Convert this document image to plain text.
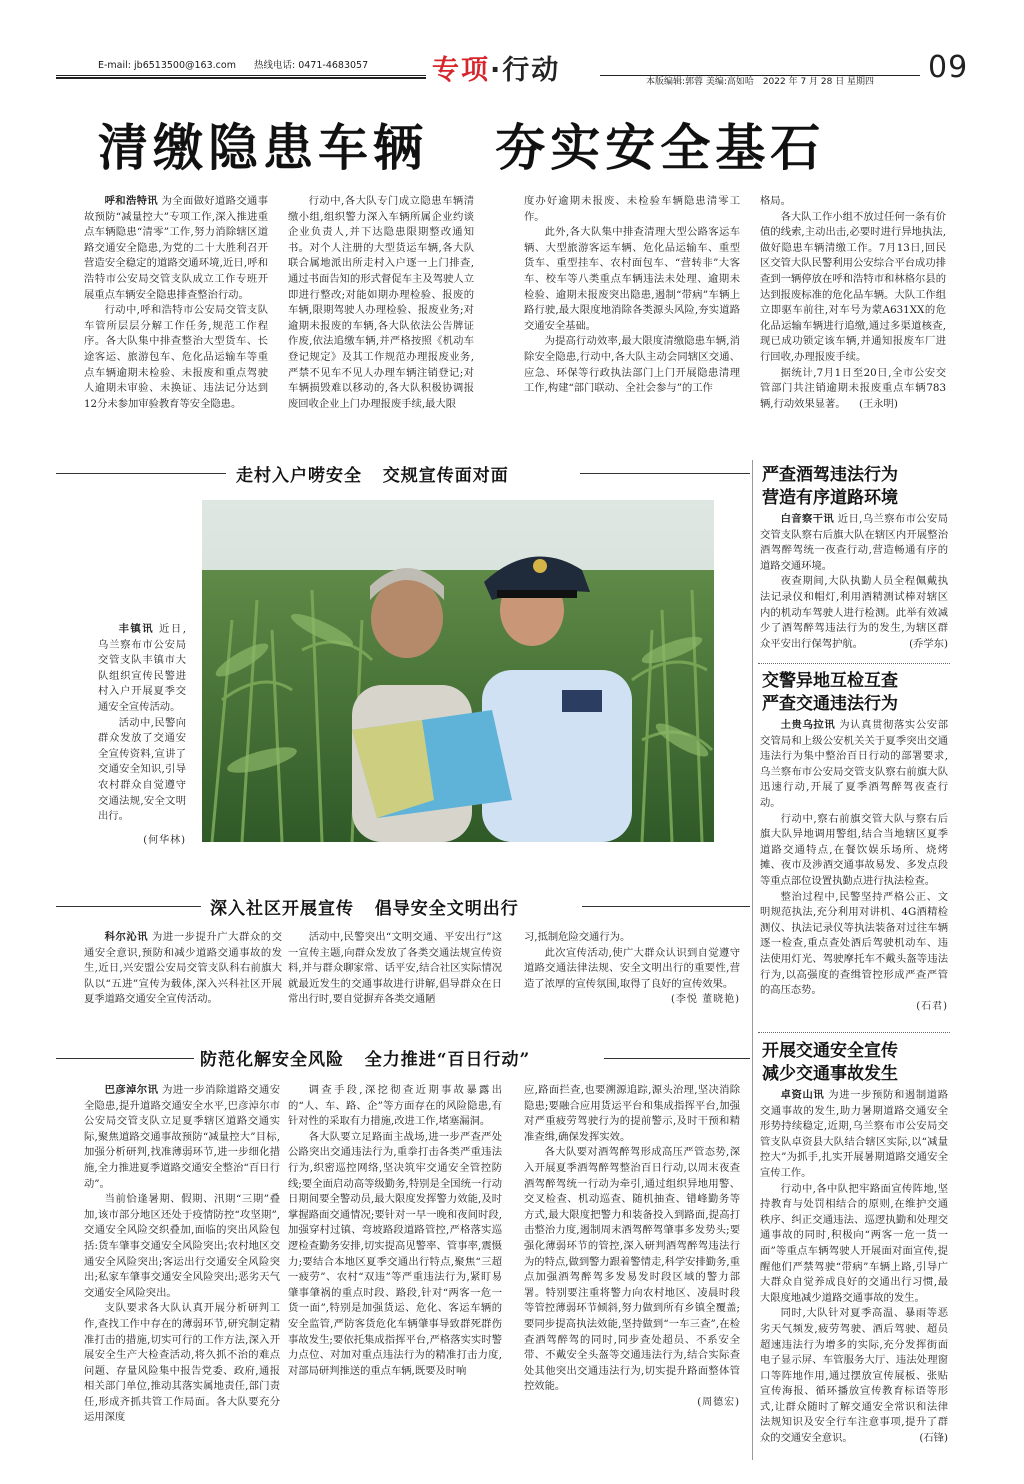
E-mail: jb6513500@163.com 热线电话: 0471-4683057 专项·行动	本版编辑:郭蓉 美编:高如哈 2022 年 7 月 28 日 星期四 09
清缴隐患车辆   夯实安全基石

呼和浩特讯 为全面做好道路交通事故预防“减量控大”专项工作,深入推进重点车辆隐患“清零”工作,努力消除辖区道路交通安全隐患,为党的二十大胜利召开营造安全稳定的道路交通环境,近日,呼和浩特市公安局交管支队成立工作专班开展重点车辆安全隐患排查整治行动。

行动中,呼和浩特市公安局交管支队车管所层层分解工作任务,规范工作程序。各大队集中排查整治大型货车、长途客运、旅游包车、危化品运输车等重点车辆逾期未检验、未报废和重点驾驶人逾期未审验、未换证、违法记分达到12分未参加审验教育等安全隐患。

行动中,各大队专门成立隐患车辆清缴小组,组织警力深入车辆所属企业约谈企业负责人,并下达隐患限期整改通知书。对个人注册的大型货运车辆,各大队联合属地派出所走村入户逐一上门排查,通过书面告知的形式督促车主及驾驶人立即进行整改;对能如期办理检验、报废的车辆,限期驾驶人办理检验、报废业务;对逾期未报废的车辆,各大队依法公告牌证作废,依法追缴车辆,并严格按照《机动车登记规定》及其工作规范办理报废业务,严禁不见车不见人办理车辆注销登记;对车辆损毁难以移动的,各大队积极协调报废回收企业上门办理报废手续,最大限

度办好逾期未报废、未检验车辆隐患清零工作。

此外,各大队集中排查清理大型公路客运车辆、大型旅游客运车辆、危化品运输车、重型货车、重型挂车、农村面包车、“营转非”大客车、校车等八类重点车辆违法未处理、逾期未检验、逾期未报废突出隐患,遏制“带病”车辆上路行驶,最大限度地消除各类源头风险,夯实道路交通安全基础。

为提高行动效率,最大限度清缴隐患车辆,消除安全隐患,行动中,各大队主动会同辖区交通、应急、环保等行政执法部门上门开展隐患清理工作,构建“部门联动、全社会参与”的工作

格局。

各大队工作小组不放过任何一条有价值的线索,主动出击,必要时进行异地执法,做好隐患车辆清缴工作。7月13日,回民区交管大队民警利用公安综合平台成功排查到一辆停放在呼和浩特市和林格尔县的达到报废标准的危化品车辆。大队工作组立即驱车前往,对车号为蒙A631XX的危化品运输车辆进行追缴,通过多渠道核查,现已成功锁定该车辆,并通知报废车厂进行回收,办理报废手续。

据统计,7月1日至20日,全市公安交管部门共注销逾期未报废重点车辆783辆,行动效果显著。 (王永明)

走村入户唠安全   交规宣传面对面

丰镇讯 近日,乌兰察布市公安局交管支队丰镇市大队组织宣传民警进村入户开展夏季交通安全宣传活动。

活动中,民警向群众发放了交通安全宣传资料,宣讲了交通安全知识,引导农村群众自觉遵守交通法规,安全文明出行。

(何华林)
深入社区开展宣传   倡导安全文明出行

科尔沁讯 为进一步提升广大群众的交通安全意识,预防和减少道路交通事故的发生,近日,兴安盟公安局交管支队科右前旗大队以“五进”宣传为载体,深入兴科社区开展夏季道路交通安全宣传活动。

活动中,民警突出“文明交通、平安出行”这一宣传主题,向群众发放了各类交通法规宣传资料,并与群众聊家常、话平安,结合社区实际情况就最近发生的交通事故进行讲解,倡导群众在日常出行时,要自觉摒弃各类交通陋

习,抵制危险交通行为。

此次宣传活动,使广大群众认识到自觉遵守道路交通法律法规、安全文明出行的重要性,营造了浓厚的宣传氛围,取得了良好的宣传效果。

(李悦 董晓艳)
防范化解安全风险   全力推进“百日行动”

巴彦淖尔讯 为进一步消除道路交通安全隐患,提升道路交通安全水平,巴彦淖尔市公安局交管支队立足夏季辖区道路交通实际,聚焦道路交通事故预防“减量控大”目标,加强分析研判,找准薄弱环节,进一步细化措施,全力推进夏季道路交通安全整治“百日行动”。

当前恰逢暑期、假期、汛期“三期”叠加,该市部分地区还处于疫情防控“攻坚期”,交通安全风险交织叠加,面临的突出风险包括:货车肇事交通安全风险突出;农村地区交通安全风险突出;客运出行交通安全风险突出;私家车肇事交通安全风险突出;恶劣天气交通安全风险突出。

支队要求各大队认真开展分析研判工作,查找工作中存在的薄弱环节,研究制定精准打击的措施,切实可行的工作方法,深入开展安全生产大检查活动,将久抓不治的难点问题、存量风险集中报告党委、政府,通报相关部门单位,推动其落实属地责任,部门责任,形成齐抓共管工作局面。各大队要充分运用深度

调查手段,深挖彻查近期事故暴露出的“人、车、路、企”等方面存在的风险隐患,有针对性的采取有力措施,改进工作,堵塞漏洞。

各大队要立足路面主战场,进一步严查严处公路突出交通违法行为,重拳打击各类严重违法行为,织密巡控网络,坚决筑牢交通安全管控防线;要全面启动高等级勤务,特别是全国统一行动日期间要全警动员,最大限度发挥警力效能,及时掌握路面交通情况;要针对一早一晚和夜间时段,加强穿村过镇、弯坡路段道路管控,严格落实巡逻检查勤务安排,切实提高见警率、管事率,震慑力;要结合本地区夏季交通出行特点,聚焦“三超一疲劳”、农村“双违”等严重违法行为,紧盯易肇事肇祸的重点时段、路段,针对“两客一危一货一面”,特别是加强货运、危化、客运车辆的安全监管,严防客货危化车辆肇事导致群死群伤事故发生;要依托集成指挥平台,严格落实实时警力点位、对加对重点违法行为的精准打击力度,对部局研判推送的重点车辆,既要及时响

应,路面拦查,也要溯源追踪,源头治理,坚决消除隐患;要融合应用货运平台和集成指挥平台,加强对严重疲劳驾驶行为的提前警示,及时干预和精准查缉,确保发挥实效。

各大队要对酒驾醉驾形成高压严管态势,深入开展夏季酒驾醉驾整治百日行动,以周末夜查酒驾醉驾统一行动为牵引,通过组织异地用警、交叉检查、机动巡查、随机抽查、错峰勤务等方式,最大限度把警力和装备投入到路面,提高打击整治力度,遏制周末酒驾醉驾肇事多发势头;要强化薄弱环节的管控,深入研判酒驾醉驾违法行为的特点,做到警力跟着警情走,科学安排勤务,重点加强酒驾醉驾多发易发时段区域的警力部署。特别要注重将警力向农村地区、凌晨时段等管控薄弱环节倾斜,努力做到所有乡镇全覆盖;要同步提高执法效能,坚持做到“一车三查”,在检查酒驾醉驾的同时,同步查处超员、不系安全带、不戴安全头盔等交通违法行为,结合实际查处其他突出交通违法行为,切实提升路面整体管控效能。

(周德宏)
严查酒驾违法行为
营造有序道路环境

白音察干讯 近日,乌兰察布市公安局交管支队察右后旗大队在辖区内开展整治酒驾醉驾统一夜查行动,营造畅通有序的道路交通环境。

夜查期间,大队执勤人员全程佩戴执法记录仪和帽灯,利用酒精测试棒对辖区内的机动车驾驶人进行检测。此举有效减少了酒驾醉驾违法行为的发生,为辖区群众平安出行保驾护航。	(乔学东)

交警异地互检互查
严查交通违法行为

土贵乌拉讯 为认真贯彻落实公安部交管局和上级公安机关关于夏季突出交通违法行为集中整治百日行动的部署要求,乌兰察布市公安局交管支队察右前旗大队迅速行动,开展了夏季酒驾醉驾夜查行动。

行动中,察右前旗交管大队与察右后旗大队异地调用警组,结合当地辖区夏季道路交通特点,在餐饮娱乐场所、烧烤摊、夜市及涉酒交通事故易发、多发点段等重点部位设置执勤点进行执法检查。

整治过程中,民警坚持严格公正、文明规范执法,充分利用对讲机、4G酒精检测仪、执法记录仪等执法装备对过往车辆逐一检查,重点查处酒后驾驶机动车、违法使用灯光、驾驶摩托车不戴头盔等违法行为,以高强度的查缉管控形成严查严管的高压态势。

(石君)
开展交通安全宣传
减少交通事故发生

卓资山讯 为进一步预防和遏制道路交通事故的发生,助力暑期道路交通安全形势持续稳定,近期,乌兰察布市公安局交管支队卓资县大队结合辖区实际,以“减量控大”为抓手,扎实开展暑期道路交通安全宣传工作。

行动中,各中队把牢路面宣传阵地,坚持教育与处罚相结合的原则,在维护交通秩序、纠正交通违法、巡逻执勤和处理交通事故的同时,积极向“两客一危一货一面”等重点车辆驾驶人开展面对面宣传,提醒他们严禁驾驶“带病”车辆上路,引导广大群众自觉养成良好的交通出行习惯,最大限度地减少道路交通事故的发生。

同时,大队针对夏季高温、暴雨等恶劣天气频发,疲劳驾驶、酒后驾驶、超员超速违法行为增多的实际,充分发挥街面电子显示屏、车管服务大厅、违法处理窗口等阵地作用,通过摆放宣传展板、张贴宣传海报、循环播放宣传教育标语等形式,让群众随时了解交通安全常识和法律法规知识及安全行车注意事项,提升了群众的交通安全意识。	(石锋)
